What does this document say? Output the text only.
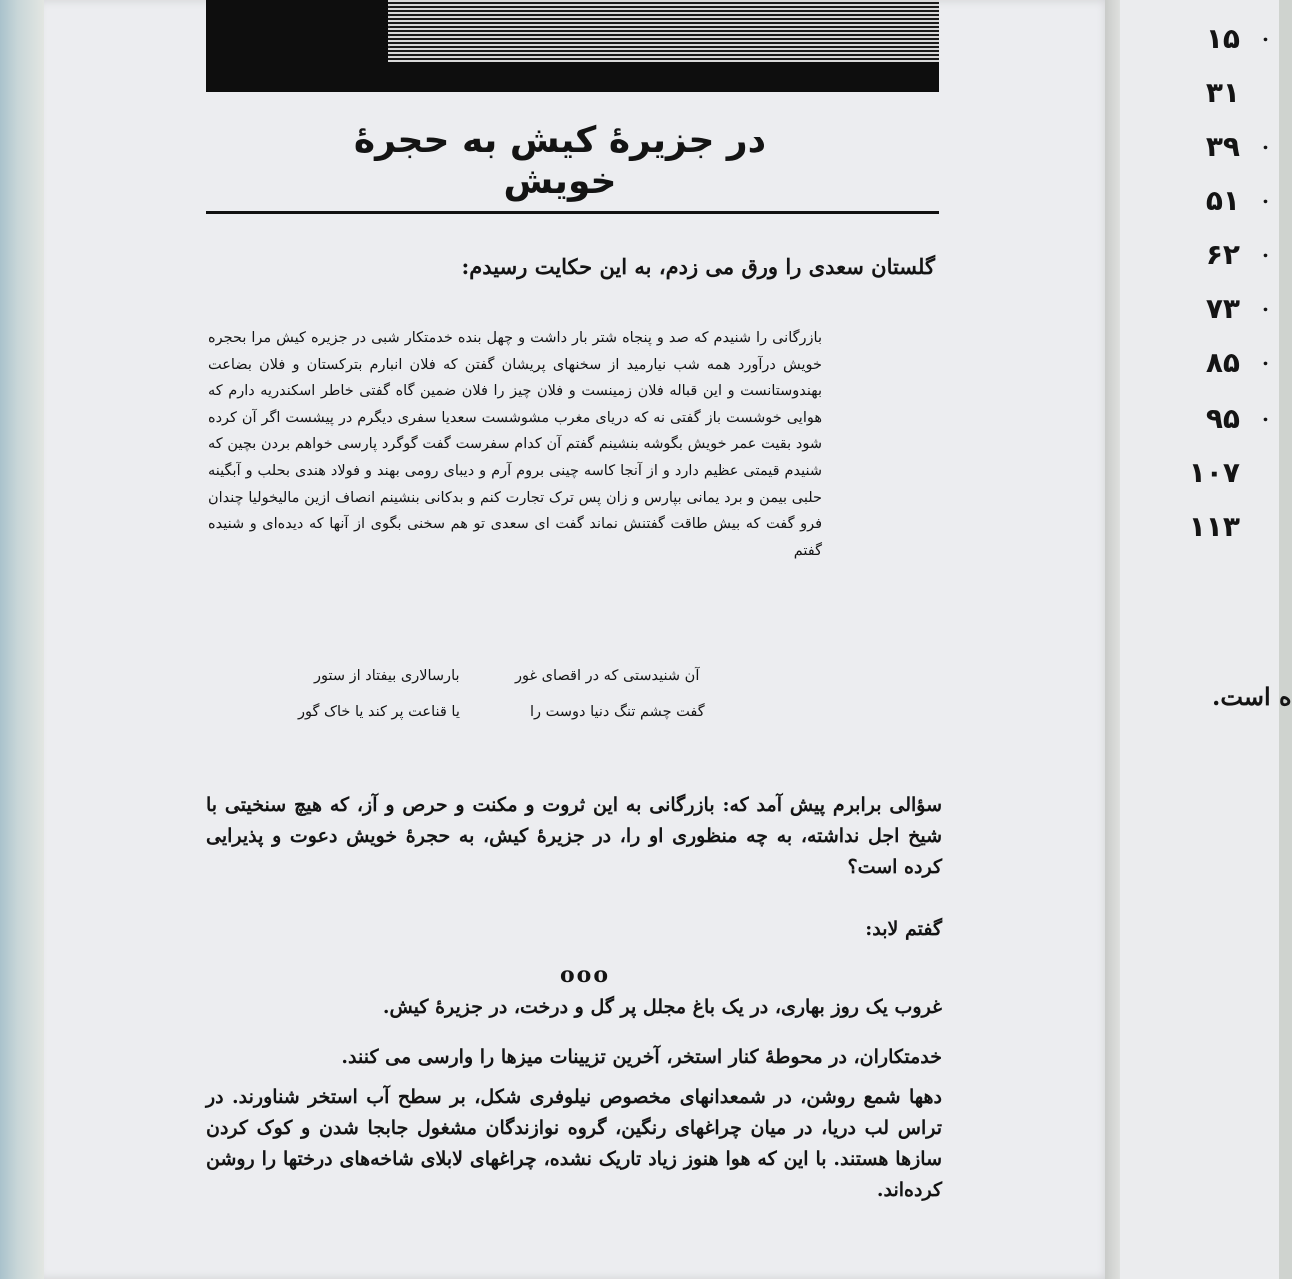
در جزیرهٔ کیش به حجرهٔ خویش
گلستان سعدی را ورق می زدم، به این حکایت رسیدم:
بازرگانی را شنیدم که صد و پنجاه شتر بار داشت و چهل بنده خدمتکار شبی در جزیره کیش مرا بحجره خویش درآورد همه شب نیارمید از سخنهای پریشان گفتن که فلان انبارم بترکستان و فلان بضاعت بهندوستانست و این قباله فلان زمینست و فلان چیز را فلان ضمین گاه گفتی خاطر اسکندریه دارم که هوایی خوشست باز گفتی نه که دریای مغرب مشوشست سعدیا سفری دیگرم در پیشست اگر آن کرده شود بقیت عمر خویش بگوشه بنشینم گفتم آن کدام سفرست گفت گوگرد پارسی خواهم بردن بچین که شنیدم قیمتی عظیم دارد و از آنجا کاسه چینی بروم آرم و دیبای رومی بهند و فولاد هندی بحلب و آبگینه حلبی بیمن و برد یمانی بپارس و زان پس ترک تجارت کنم و بدکانی بنشینم انصاف ازین مالیخولیا چندان فرو گفت که بیش طاقت گفتنش نماند گفت ای سعدی تو هم سخنی بگوی از آنها که دیده‌ای و شنیده گفتم
آن شنیدستی که در اقصای غور
بارسالاری بیفتاد از ستور
گفت چشم تنگ دنیا دوست را
یا قناعت پر کند یا خاک گور
سؤالی برابرم پیش آمد که: بازرگانی به این ثروت و مکنت و حرص و آز، که هیچ سنخیتی با شیخ اجل نداشته، به چه منظوری او را، در جزیرهٔ کیش، به حجرهٔ خویش دعوت و پذیرایی کرده است؟
گفتم لابد:
ooo
غروب یک روز بهاری، در یک باغ مجلل پر گل و درخت، در جزیرهٔ کیش.
خدمتکاران، در محوطهٔ کنار استخر، آخرین تزیینات میزها را وارسی می کنند.
دهها شمع روشن، در شمعدانهای مخصوص نیلوفری شکل، بر سطح آب استخر شناورند. در تراس لب دریا، در میان چراغهای رنگین، گروه نوازندگان مشغول جابجا شدن و کوک کردن سازها هستند. با این که هوا هنوز زیاد تاریک نشده، چراغهای لابلای شاخه‌های درختها را روشن کرده‌اند.
۱۵
۳۱
۳۹
۵۱
۶۲
۷۳
۸۵
۹۵
۱۰۷
۱۱۳
.
.
.
.
.
.
.
ه است.
